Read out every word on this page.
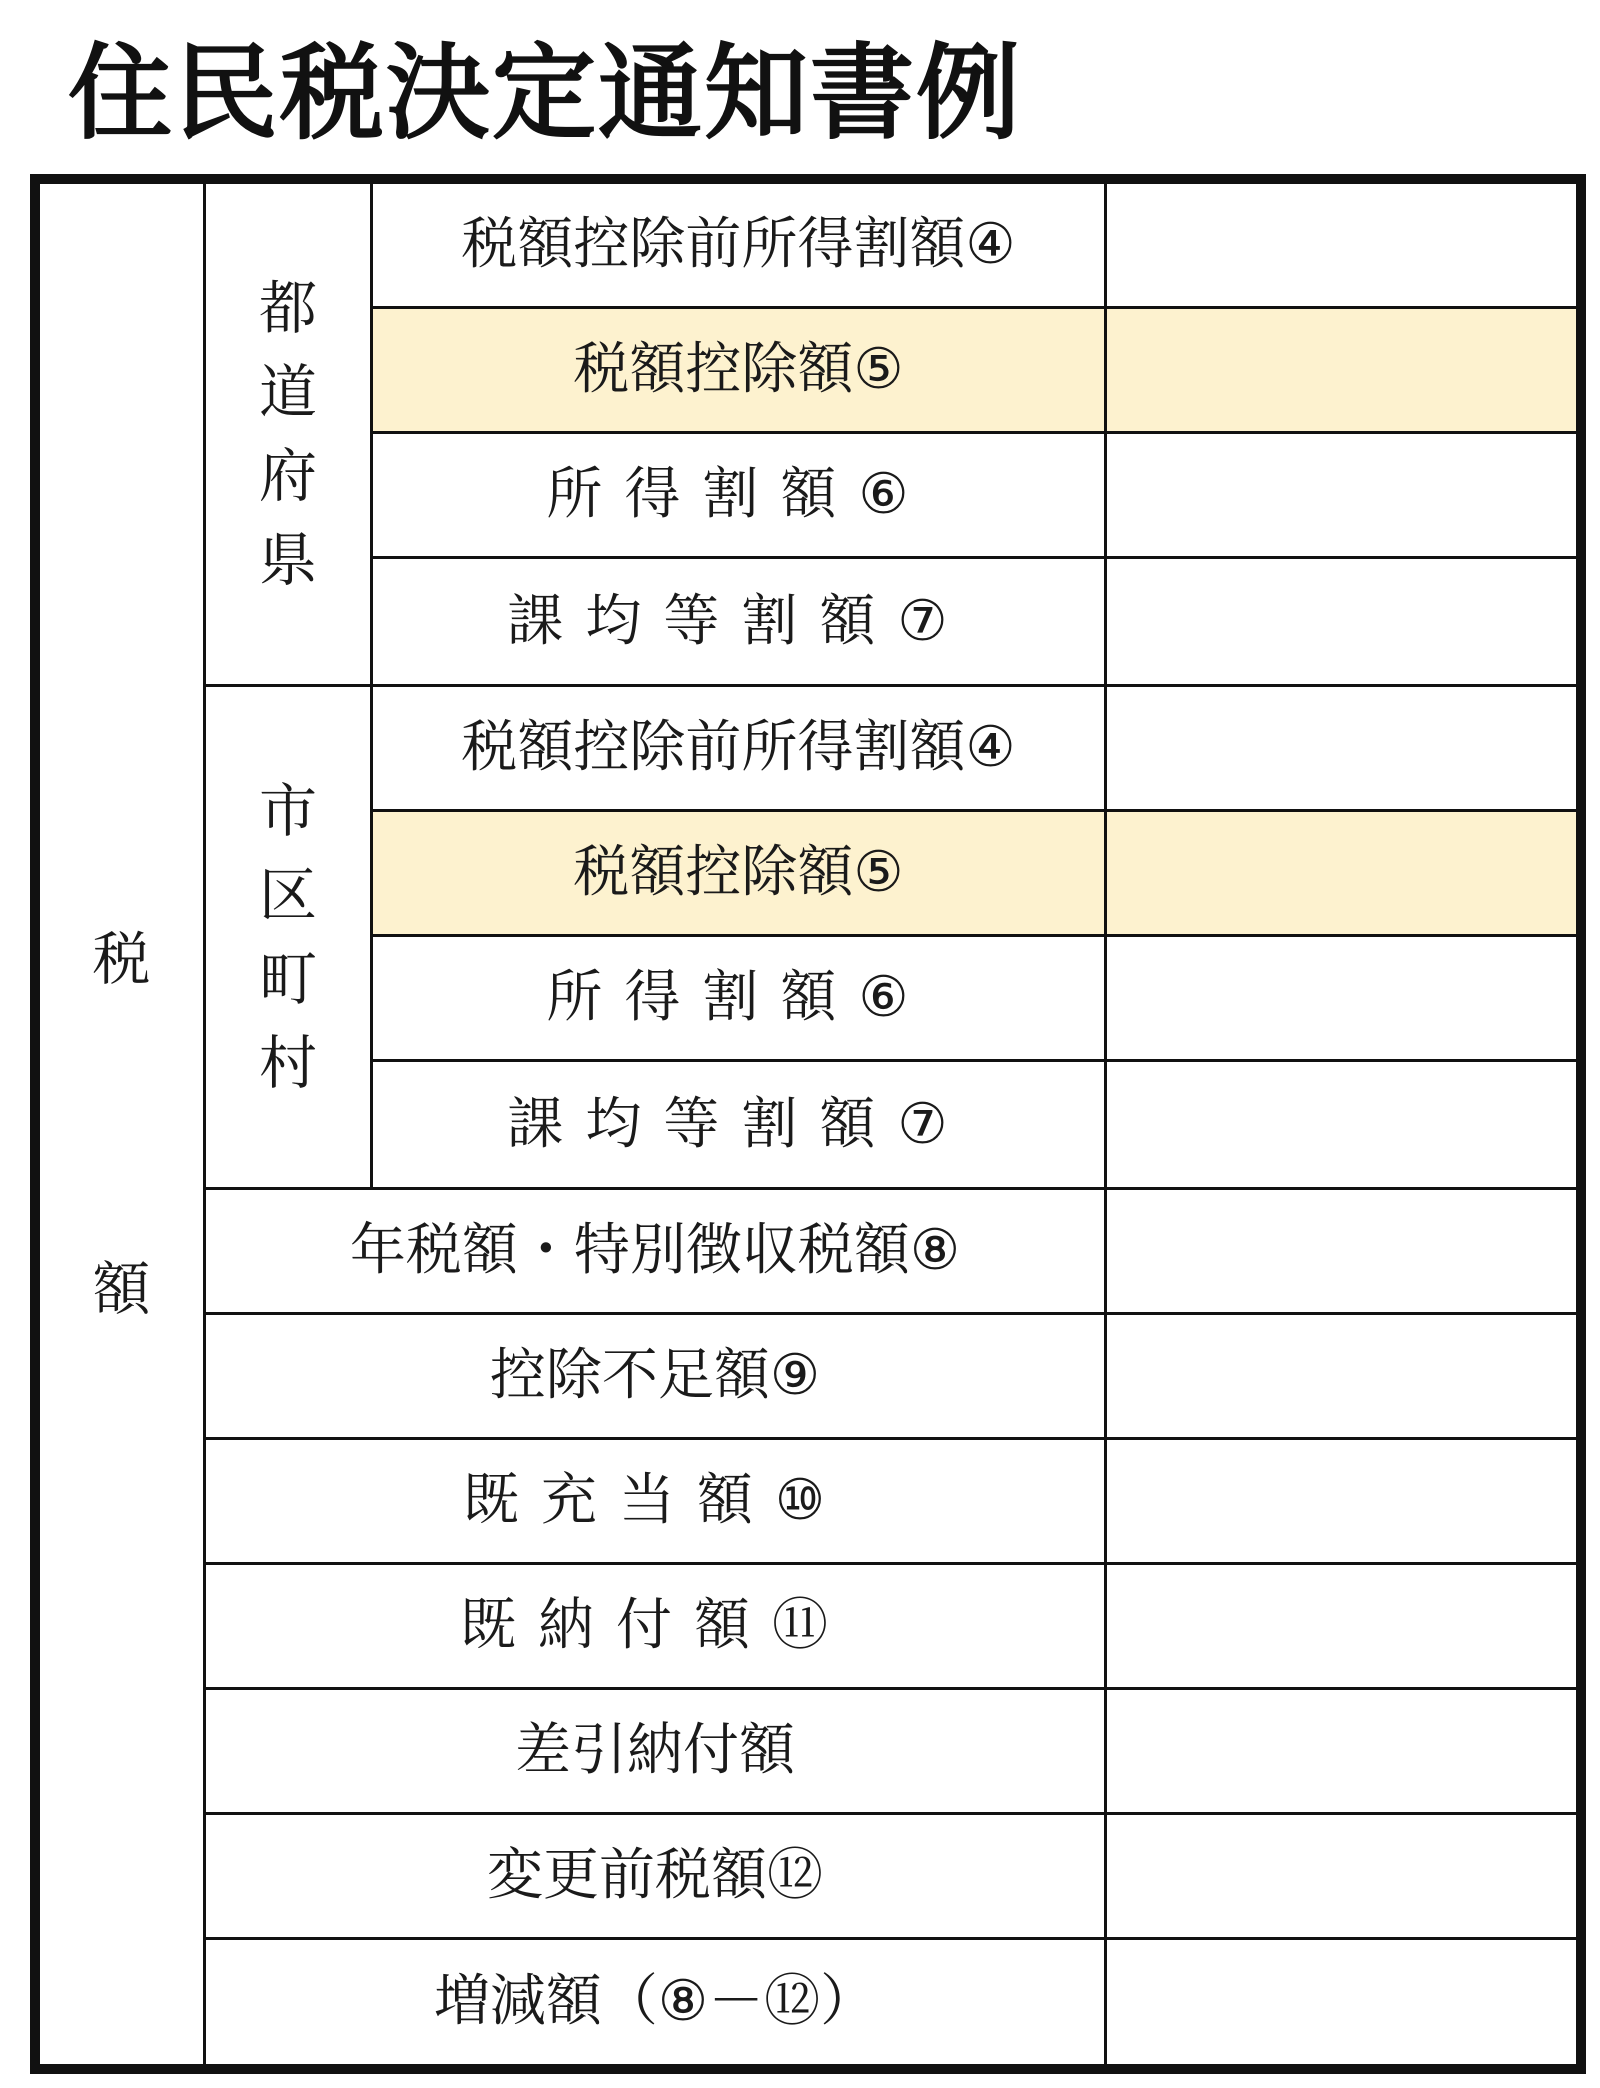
住民税決定通知書例
税
額
都
道
府
県
市
区
町
村
税額控除前所得割額④
税額控除額⑤
所得割額⑥
課均等割額⑦
税額控除前所得割額④
税額控除額⑤
所得割額⑥
課均等割額⑦
年税額・特別徴収税額⑧
控除不足額⑨
既充当額⑩
既納付額⑪
差引納付額
変更前税額⑫
増減額（⑧－⑫）
